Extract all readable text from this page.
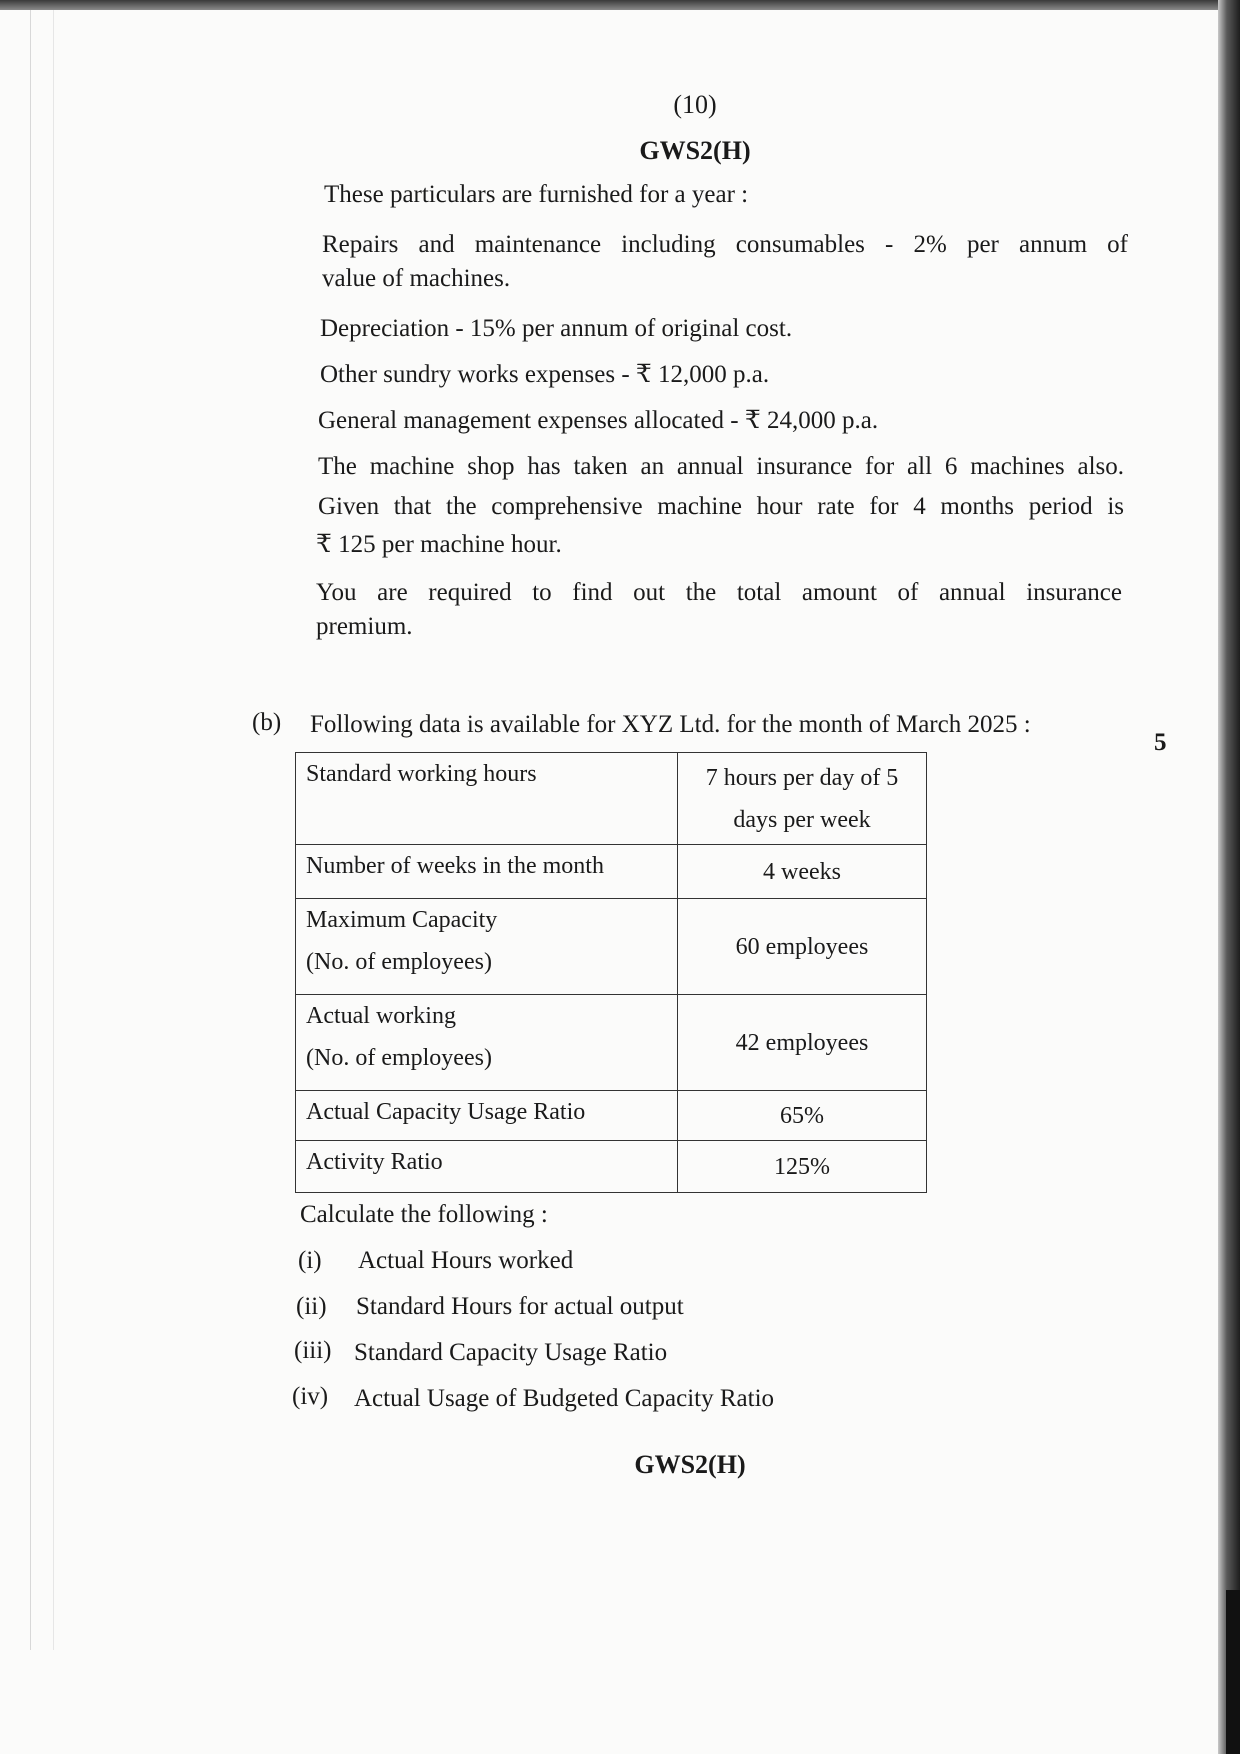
(10)
GWS2(H)
These particulars are furnished for a year :
Repairs and maintenance including consumables - 2% per annum of
value of machines.
Depreciation - 15% per annum of original cost.
Other sundry works expenses - ₹ 12,000 p.a.
General management expenses allocated - ₹ 24,000 p.a.
The machine shop has taken an annual insurance for all 6 machines also.
Given that the comprehensive machine hour rate for 4 months period is
₹ 125 per machine hour.
You are required to find out the total amount of annual insurance
premium.
(b) Following data is available for XYZ Ltd. for the month of March 2025 :
5
Standard working hours	7 hours per day of 5
days per week

Number of weeks in the month	4 weeks

Maximum Capacity
(No. of employees)	60 employees

Actual working
(No. of employees)	42 employees
Actual Capacity Usage Ratio	65%
Activity Ratio	125%
Calculate the following :
(i) Actual Hours worked
(ii) Standard Hours for actual output
(iii) Standard Capacity Usage Ratio
(iv) Actual Usage of Budgeted Capacity Ratio
GWS2(H)
